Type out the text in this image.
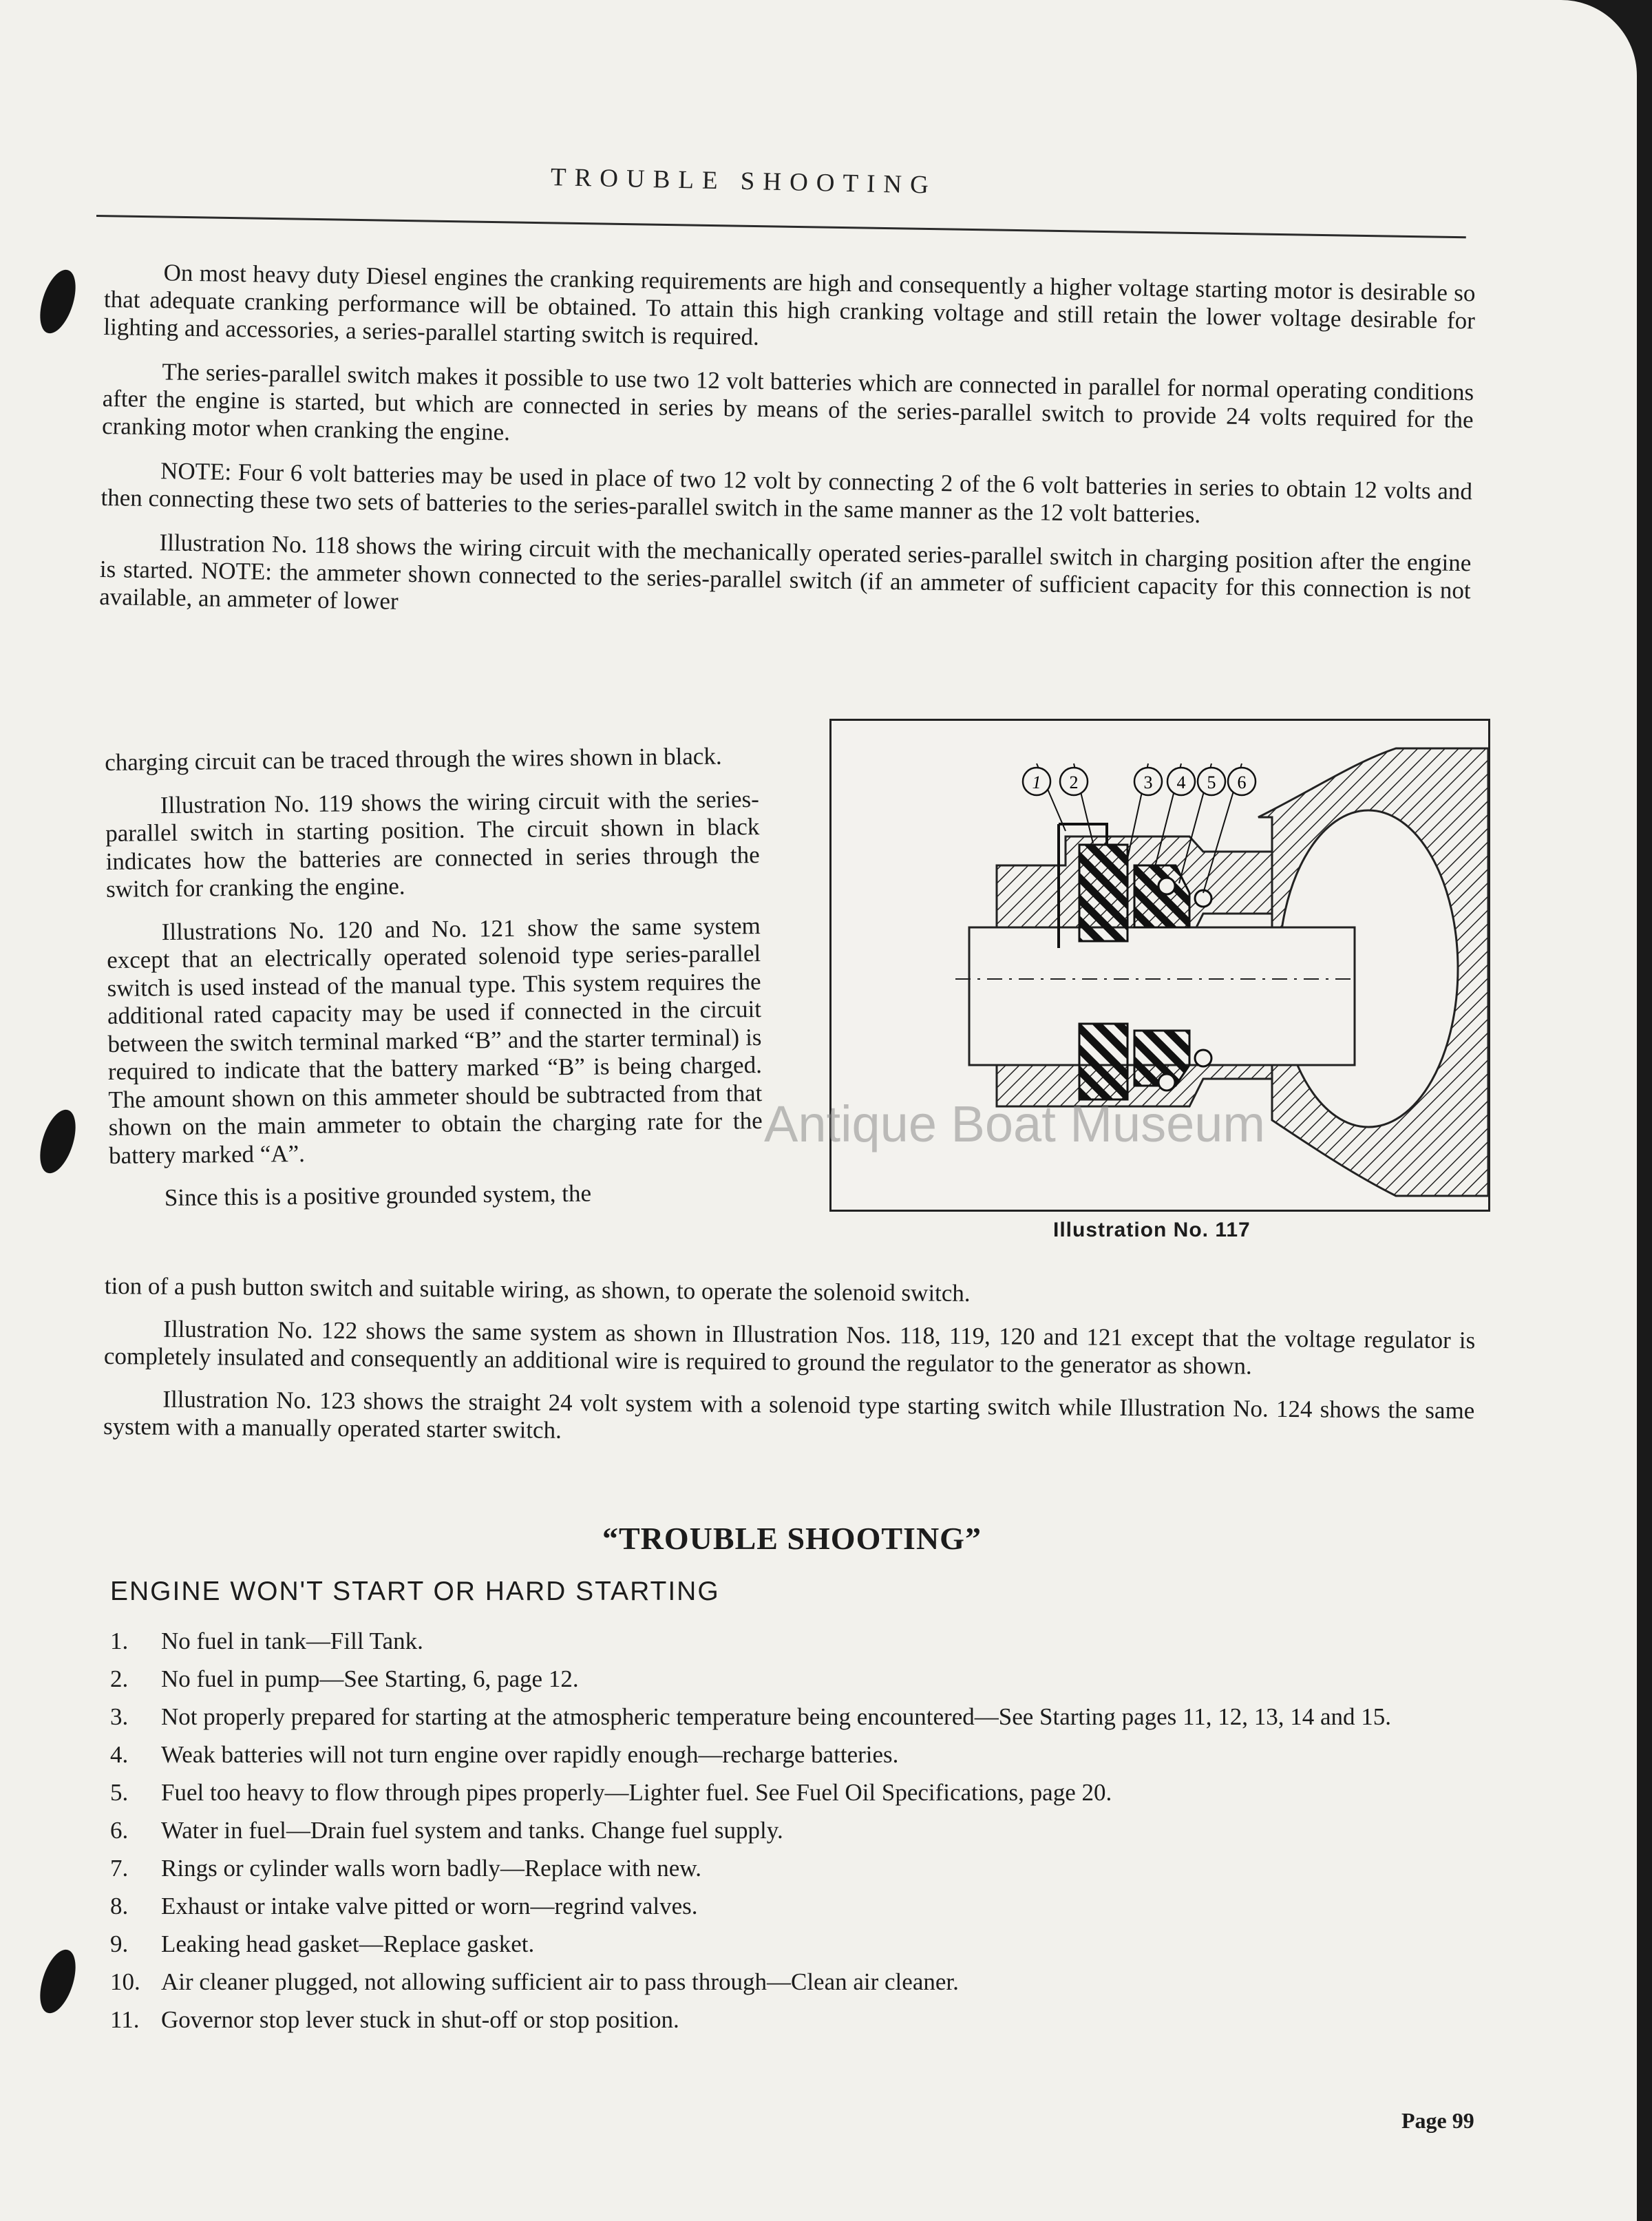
TROUBLE SHOOTING

On most heavy duty Diesel engines the cranking requirements are high and consequently a higher voltage starting motor is desirable so that adequate cranking performance will be obtained. To attain this high cranking voltage and still retain the lower voltage desirable for lighting and accessories, a series-parallel starting switch is required.

The series-parallel switch makes it possible to use two 12 volt batteries which are connected in parallel for normal operating conditions after the engine is started, but which are connected in series by means of the series-parallel switch to provide 24 volts required for the cranking motor when cranking the engine.

NOTE: Four 6 volt batteries may be used in place of two 12 volt by connecting 2 of the 6 volt batteries in series to obtain 12 volts and then connecting these two sets of batteries to the series-parallel switch in the same manner as the 12 volt batteries.

Illustration No. 118 shows the wiring circuit with the mechanically operated series-parallel switch in charging position after the engine is started. NOTE: the ammeter shown connected to the series-parallel switch (if an ammeter of sufficient capacity for this connection is not available, an ammeter of lower

charging circuit can be traced through the wires shown in black.

Illustration No. 119 shows the wiring circuit with the series-parallel switch in starting position. The circuit shown in black indicates how the batteries are connected in series through the switch for cranking the engine.

Illustrations No. 120 and No. 121 show the same system except that an electrically operated solenoid type series-parallel switch is used instead of the manual type. This system requires the additional rated capacity may be used if connected in the circuit between the switch terminal marked “B” and the starter terminal) is required to indicate that the battery marked “B” is being charged. The amount shown on this ammeter should be subtracted from that shown on the main ammeter to obtain the charging rate for the battery marked “A”.

Since this is a positive grounded system, the

1 2	3 4 5 6
Illustration No. 117

tion of a push button switch and suitable wiring, as shown, to operate the solenoid switch.

Illustration No. 122 shows the same system as shown in Illustration Nos. 118, 119, 120 and 121 except that the voltage regulator is completely insulated and consequently an additional wire is required to ground the regulator to the generator as shown.

Illustration No. 123 shows the straight 24 volt system with a solenoid type starting switch while Illustration No. 124 shows the same system with a manually operated starter switch.

Antique Boat Museum
“TROUBLE SHOOTING”
ENGINE WON'T START OR HARD STARTING
1.	No fuel in tank—Fill Tank.
2.	No fuel in pump—See Starting, 6, page 12.
3.	Not properly prepared for starting at the atmospheric temperature being encountered—See Starting pages 11, 12, 13, 14 and 15.
4.	Weak batteries will not turn engine over rapidly enough—recharge batteries.
5.	Fuel too heavy to flow through pipes properly—Lighter fuel. See Fuel Oil Specifications, page 20.
6.	Water in fuel—Drain fuel system and tanks. Change fuel supply.
7.	Rings or cylinder walls worn badly—Replace with new.
8.	Exhaust or intake valve pitted or worn—regrind valves.
9.	Leaking head gasket—Replace gasket.
10. Air cleaner plugged, not allowing sufficient air to pass through—Clean air cleaner.
11. Governor stop lever stuck in shut-off or stop position.
Page 99
